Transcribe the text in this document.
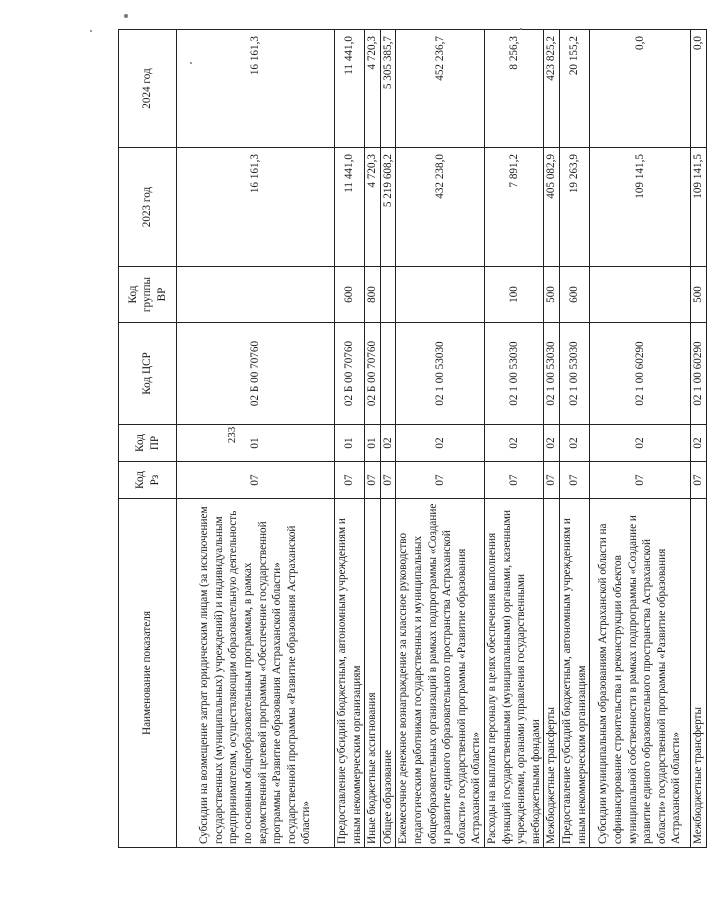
233
Наименование показателя	Код Рз	Код ПР	Код ЦСР	Код группы ВР	2023 год	2024 год
Субсидии на возмещение затрат юридическим лицам (за исключением государственных (муниципальных) учреждений) и индивидуальным предпринимателям, осуществляющим образовательную деятельность по основным общеобразовательным программам, в рамках ведомственной целевой программы «Обеспечение государственной программы «Развитие образования Астраханской области» государственной программы «Развитие образования Астраханской области»	07	01	02 Б 00 70760		16 161,3	16 161,3
Предоставление субсидий бюджетным, автономным учреждениям и иным некоммерческим организациям	07	01	02 Б 00 70760	600	11 441,0	11 441,0
Иные бюджетные ассигнования	07	01	02 Б 00 70760	800	4 720,3	4 720,3
Общее образование	07	02			5 219 608,2	5 305 385,7
Ежемесячное денежное вознаграждение за классное руководство педагогическим работникам государственных и муниципальных общеобразовательных организаций в рамках подпрограммы «Создание и развитие единого образовательного пространства Астраханской области» государственной программы «Развитие образования Астраханской области»	07	02	02 1 00 53030		432 238,0	452 236,7
Расходы на выплаты персоналу в целях обеспечения выполнения функций государственными (муниципальными) органами, казенными учреждениями, органами управления государственными внебюджетными фондами	07	02	02 1 00 53030	100	7 891,2	8 256,3
Межбюджетные трансферты	07	02	02 1 00 53030	500	405 082,9	423 825,2
Предоставление субсидий бюджетным, автономным учреждениям и иным некоммерческим организациям	07	02	02 1 00 53030	600	19 263,9	20 155,2
Субсидии муниципальным образованиям Астраханской области на софинансирование строительства и реконструкции объектов муниципальной собственности в рамках подпрограммы «Создание и развитие единого образовательного пространства Астраханской области» государственной программы «Развитие образования Астраханской области»	07	02	02 1 00 60290		109 141,5	0,0
Межбюджетные трансферты	07	02	02 1 00 60290	500	109 141,5	0,0
